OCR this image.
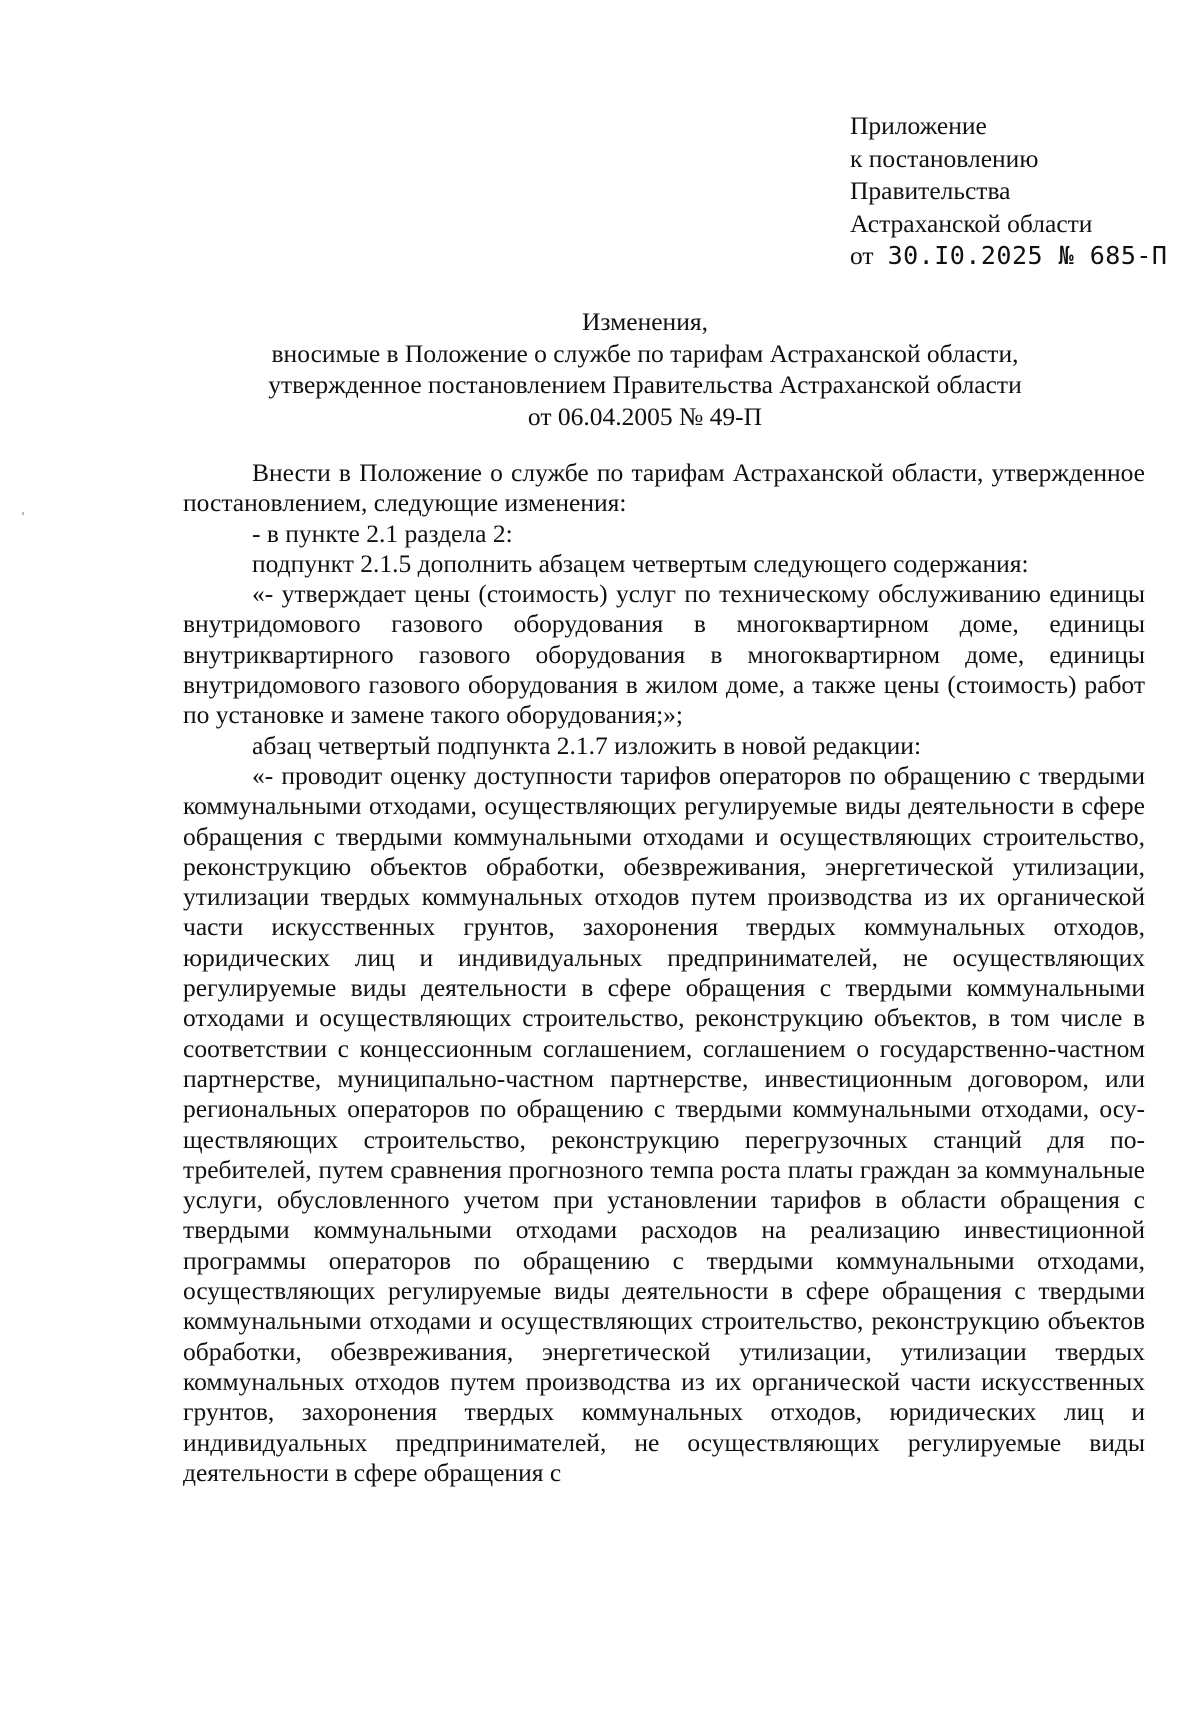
Приложение
к постановлению
Правительства
Астраханской области
от 30.I0.2025 № 685-П
Изменения,
вносимые в Положение о службе по тарифам Астраханской области,
утвержденное постановлением Правительства Астраханской области
от 06.04.2005 № 49-П

Внести в Положение о службе по тарифам Астраханской области, утвержденное постановлением, следующие изменения:

- в пункте 2.1 раздела 2:

подпункт 2.1.5 дополнить абзацем четвертым следующего содержания:

«- утверждает цены (стоимость) услуг по техническому обслуживанию единицы внутридомового газового оборудования в многоквартирном доме, единицы внутриквартирного газового оборудования в многоквартирном доме, единицы внутридомового газового оборудования в жилом доме, а также цены (стоимость) работ по установке и замене такого оборудования;»;

абзац четвертый подпункта 2.1.7 изложить в новой редакции:

«- проводит оценку доступности тарифов операторов по обращению с твердыми коммунальными отходами, осуществляющих регулируемые виды деятельности в сфере обращения с твердыми коммунальными отходами и осуществляющих строительство, реконструкцию объектов обработки, обезвреживания, энергетической утилизации, утилизации твердых коммунальных отходов путем производства из их органической части искусственных грунтов, захоронения твердых коммунальных отходов, юридических лиц и индивидуальных предпринимателей, не осуществляющих регулируемые виды деятельности в сфере обращения с твердыми коммунальными отходами и осуществляющих строительство, реконструкцию объектов, в том числе в соответствии с концессионным соглашением, соглашением о государственно-частном партнерстве, муниципально-частном партнерстве, инвестиционным договором, или региональных операторов по обращению с твердыми коммунальными отходами, осуществляющих строительство, реконструкцию перегрузочных станций для потребителей, путем сравнения прогнозного темпа роста платы граждан за коммунальные услуги, обусловленного учетом при установлении тарифов в области обращения с твердыми коммунальными отходами расходов на реализацию инвестиционной программы операторов по обращению с твердыми коммунальными отходами, осуществляющих регулируемые виды деятельности в сфере обращения с твердыми коммунальными отходами и осуществляющих строительство, реконструкцию объектов обработки, обезвреживания, энергетической утилизации, утилизации твердых коммунальных отходов путем производства из их органической части искусственных грунтов, захоронения твердых коммунальных отходов, юридических лиц и индивидуальных предпринимателей, не осуществляющих регулируемые виды деятельности в сфере обращения с
